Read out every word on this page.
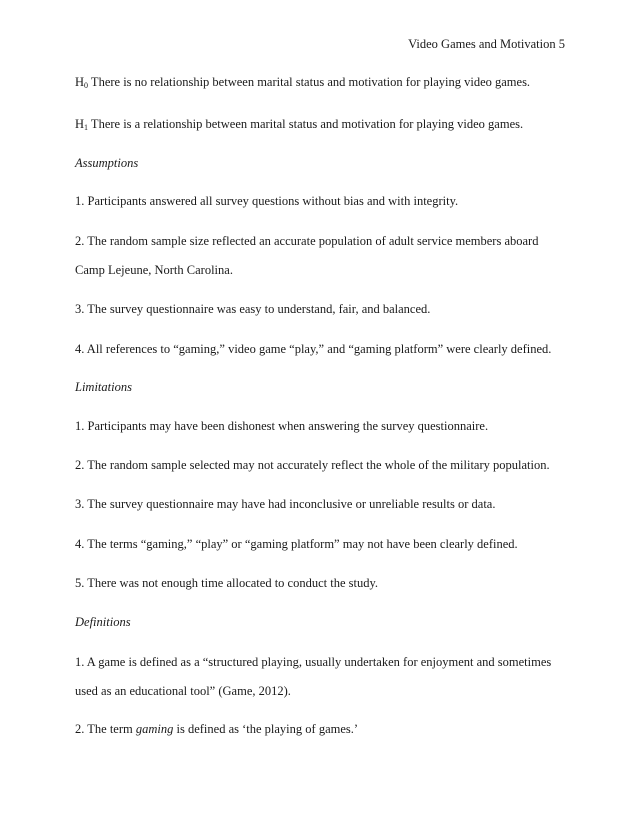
Video Games and Motivation 5
$H_0$ There is no relationship between marital status and motivation for playing video games.
$H_1$ There is a relationship between marital status and motivation for playing video games.
Assumptions
1. Participants answered all survey questions without bias and with integrity.
2. The random sample size reflected an accurate population of adult service members aboard
Camp Lejeune, North Carolina.
3. The survey questionnaire was easy to understand, fair, and balanced.
4. All references to “gaming,” video game “play,” and “gaming platform” were clearly defined.
Limitations
1. Participants may have been dishonest when answering the survey questionnaire.
2. The random sample selected may not accurately reflect the whole of the military population.
3. The survey questionnaire may have had inconclusive or unreliable results or data.
4. The terms “gaming,” “play” or “gaming platform” may not have been clearly defined.
5. There was not enough time allocated to conduct the study.
Definitions
1. A game is defined as a “structured playing, usually undertaken for enjoyment and sometimes
used as an educational tool” (Game, 2012).
2. The term gaming is defined as ‘the playing of games.’
